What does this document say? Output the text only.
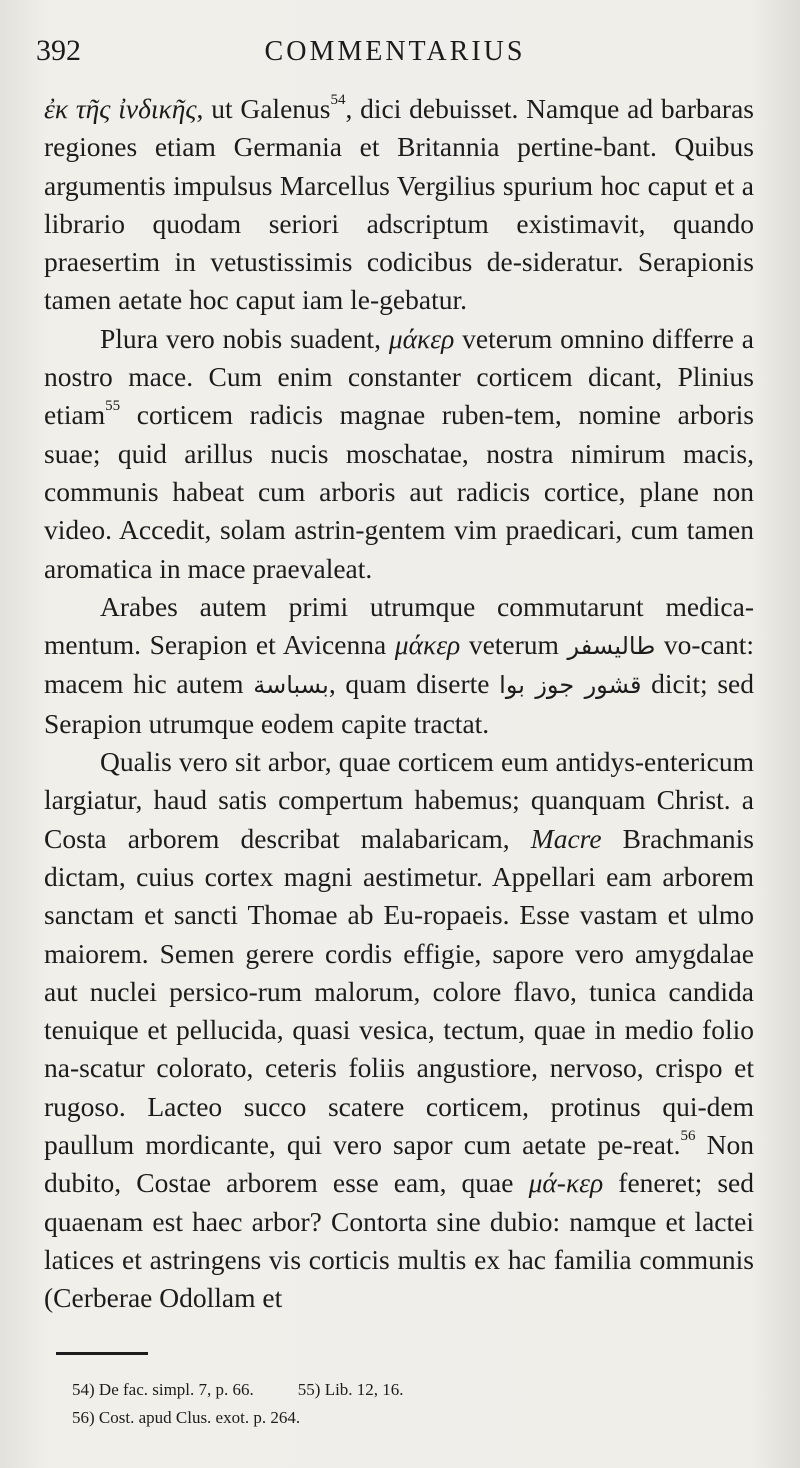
392	COMMENTARIUS

ἐκ τῆς ἰνδικῆς, ut Galenus$^{54}$, dici debuisset. Namque ad barbaras regiones etiam Germania et Britannia pertine-bant. Quibus argumentis impulsus Marcellus Vergilius spurium hoc caput et a librario quodam seriori adscriptum existimavit, quando praesertim in vetustissimis codicibus de-sideratur. Serapionis tamen aetate hoc caput iam le-gebatur.

Plura vero nobis suadent, μάκερ veterum omnino differre a nostro mace. Cum enim constanter corticem dicant, Plinius etiam$^{55}$ corticem radicis magnae ruben-tem, nomine arboris suae; quid arillus nucis moschatae, nostra nimirum macis, communis habeat cum arboris aut radicis cortice, plane non video. Accedit, solam astrin-gentem vim praedicari, cum tamen aromatica in mace praevaleat.

Arabes autem primi utrumque commutarunt medica-mentum. Serapion et Avicenna μάκερ veterum طاليسفر vo-cant: macem hic autem بسباسة, quam diserte قشور جوز بوا dicit; sed Serapion utrumque eodem capite tractat.

Qualis vero sit arbor, quae corticem eum antidys-entericum largiatur, haud satis compertum habemus; quanquam Christ. a Costa arborem describat malabaricam, Macre Brachmanis dictam, cuius cortex magni aestimetur. Appellari eam arborem sanctam et sancti Thomae ab Eu-ropaeis. Esse vastam et ulmo maiorem. Semen gerere cordis effigie, sapore vero amygdalae aut nuclei persico-rum malorum, colore flavo, tunica candida tenuique et pellucida, quasi vesica, tectum, quae in medio folio na-scatur colorato, ceteris foliis angustiore, nervoso, crispo et rugoso. Lacteo succo scatere corticem, protinus qui-dem paullum mordicante, qui vero sapor cum aetate pe-reat.$^{56}$ Non dubito, Costae arborem esse eam, quae μά-κερ feneret; sed quaenam est haec arbor? Contorta sine dubio: namque et lactei latices et astringens vis corticis multis ex hac familia communis (Cerberae Odollam et

54) De fac. simpl. 7, p. 66.	55) Lib. 12, 16.
56) Cost. apud Clus. exot. p. 264.
